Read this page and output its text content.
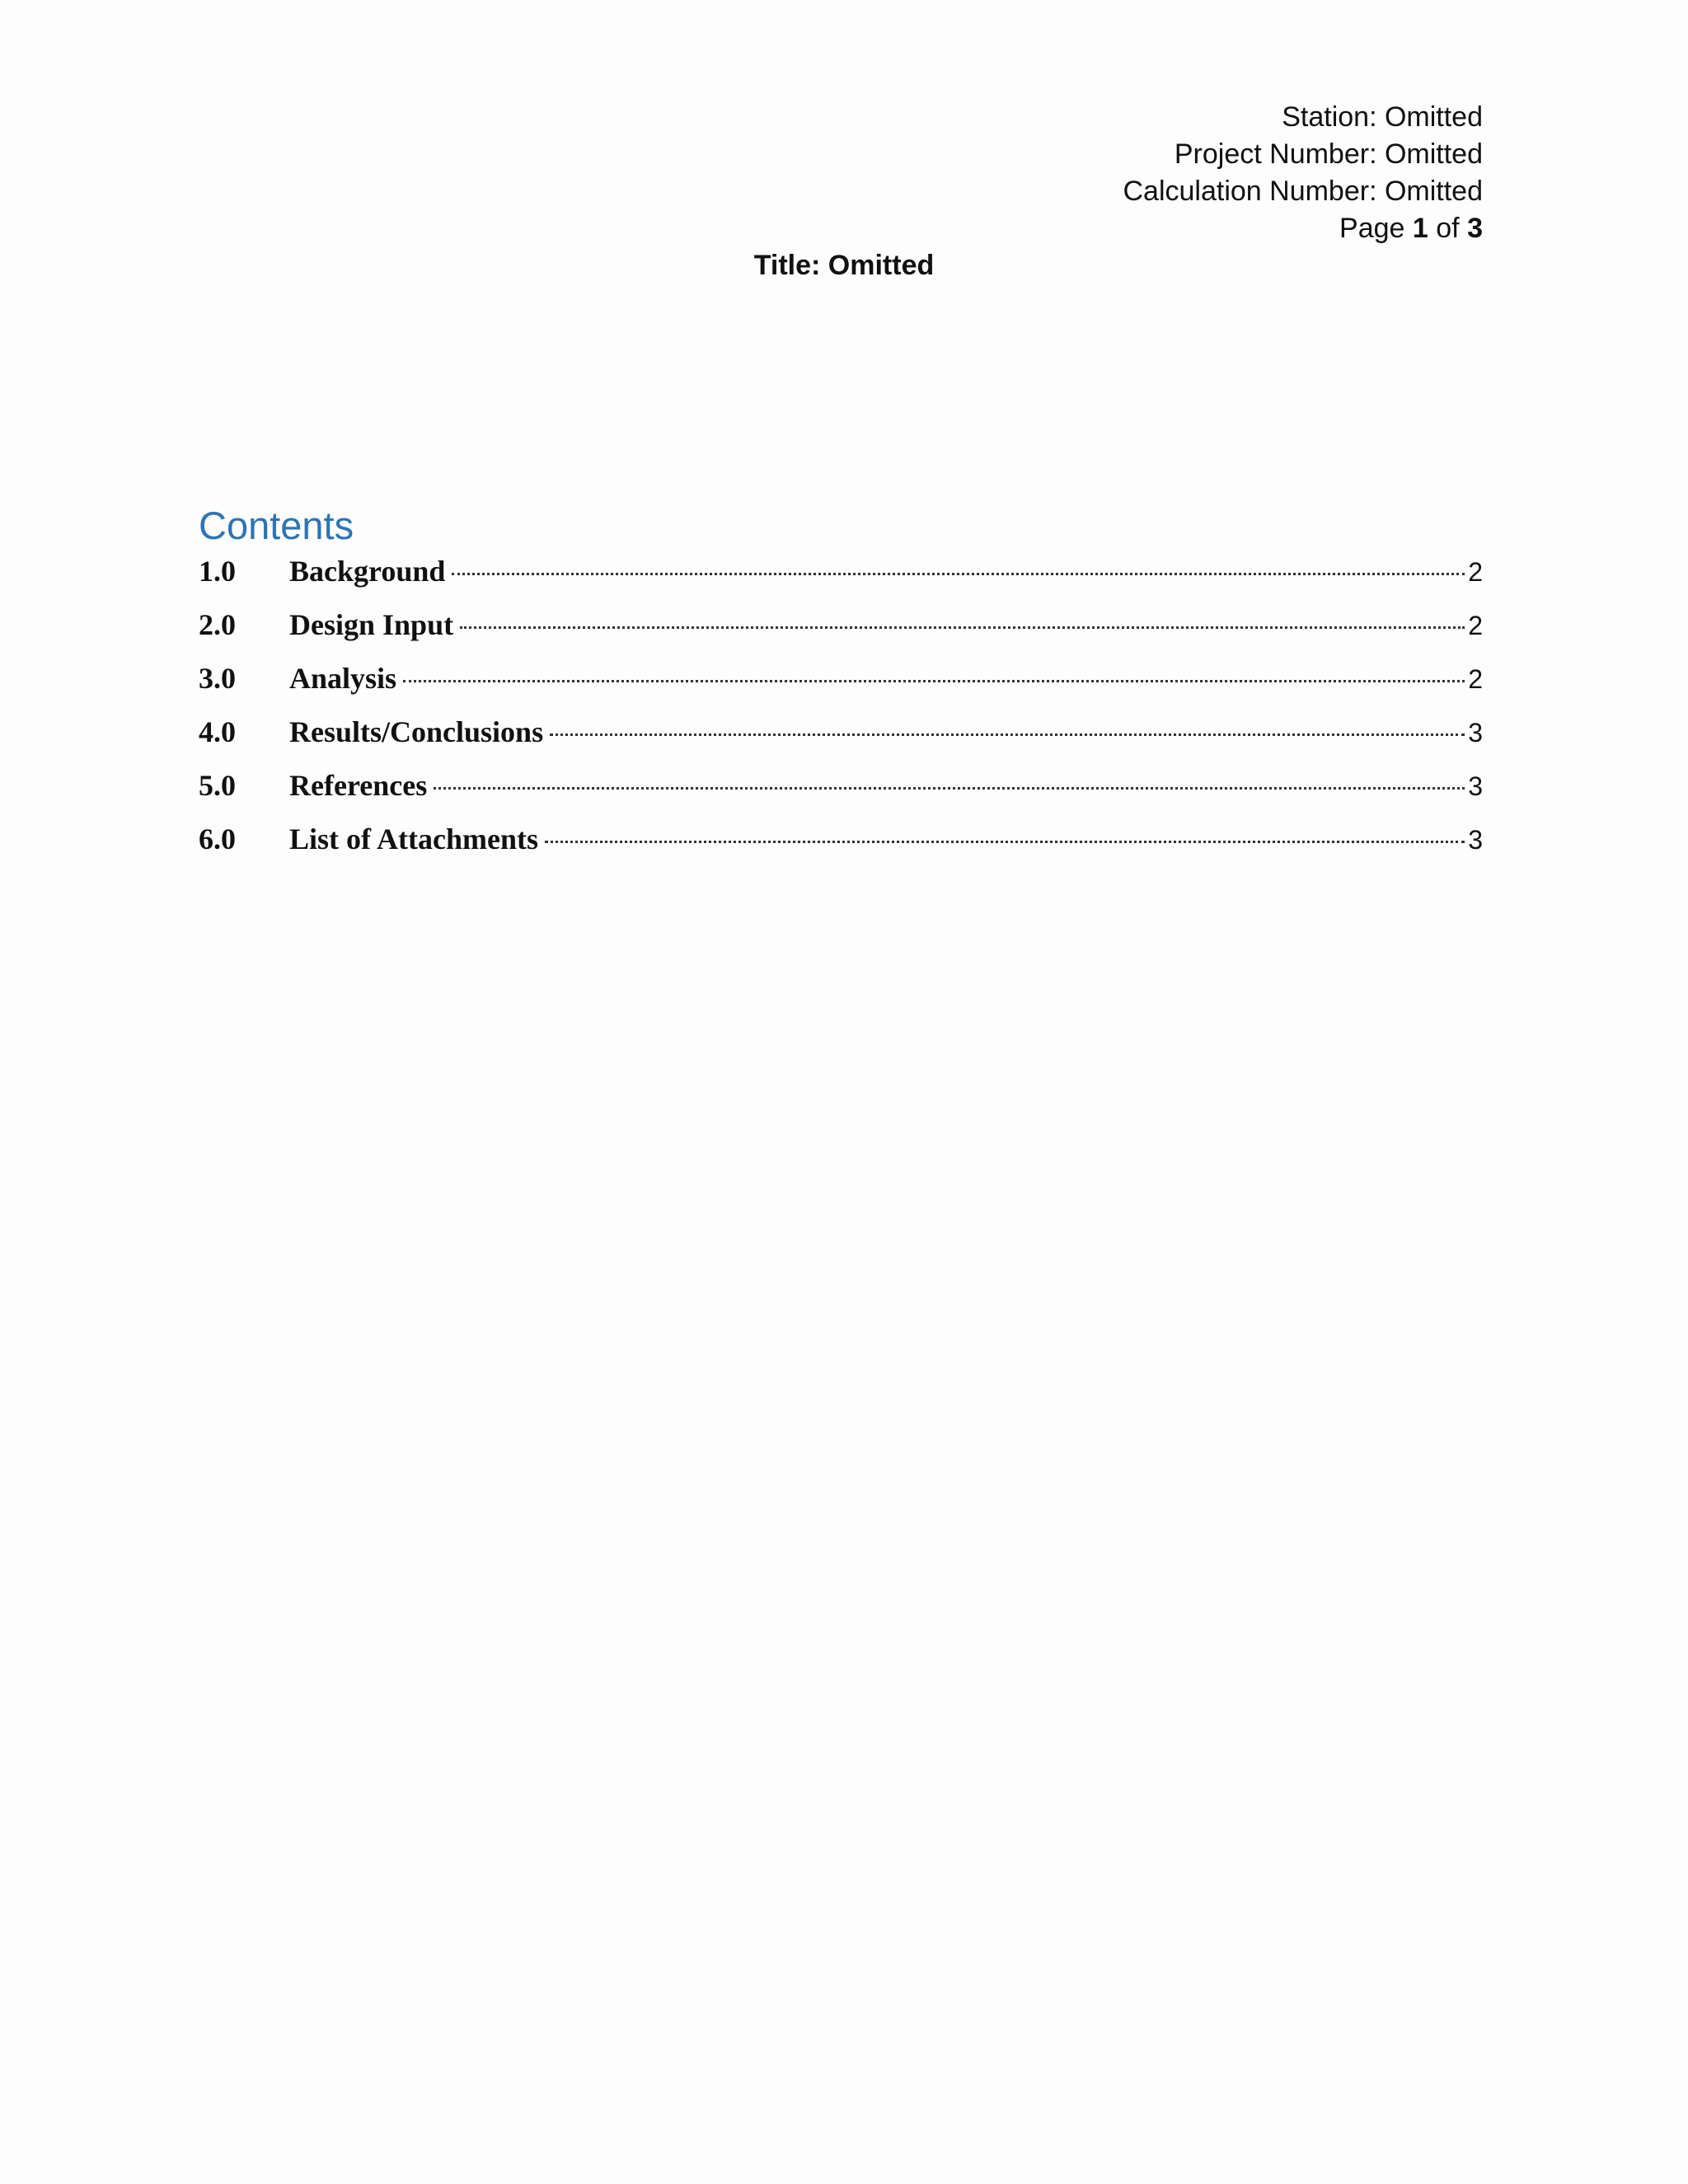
Station: Omitted
Project Number: Omitted
Calculation Number: Omitted
Page 1 of 3
Title: Omitted
Contents
1.0	Background	2
2.0	Design Input	2
3.0	Analysis	2
4.0	Results/Conclusions	3
5.0	References	3
6.0	List of Attachments	3
